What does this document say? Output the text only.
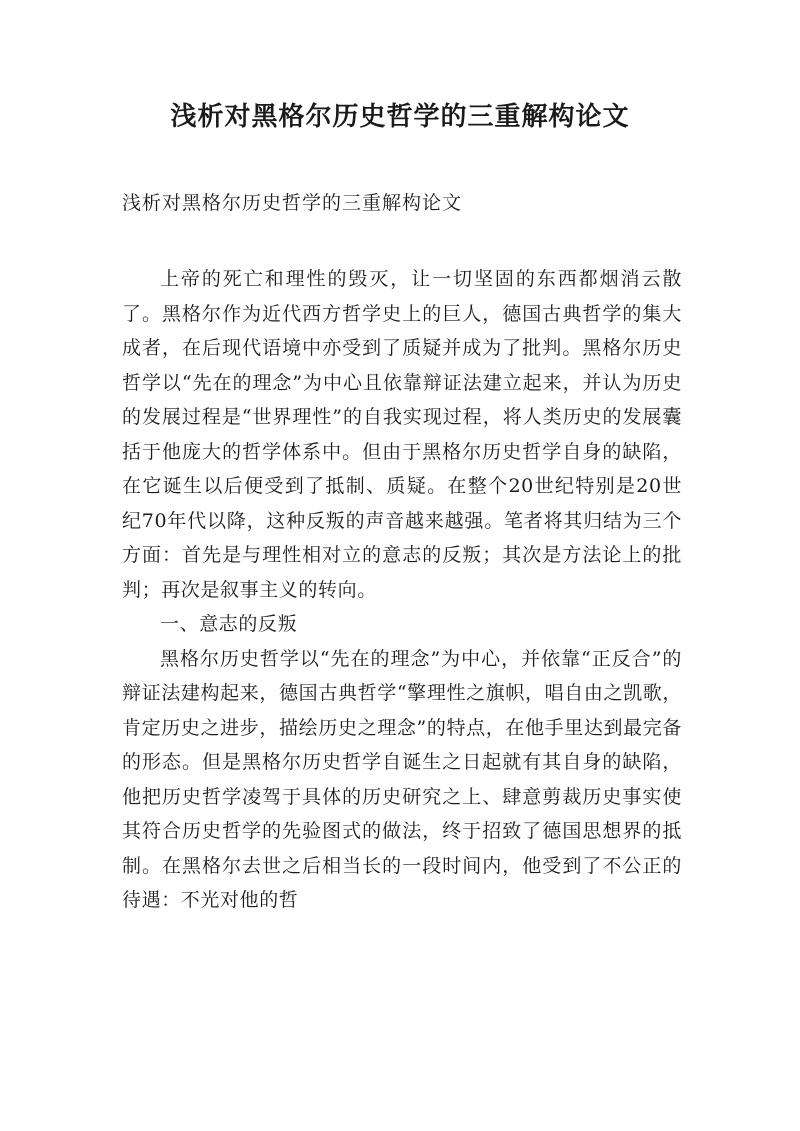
浅析对黑格尔历史哲学的三重解构论文
浅析对黑格尔历史哲学的三重解构论文

上帝的死亡和理性的毁灭，让一切坚固的东西都烟消云散了。黑格尔作为近代西方哲学史上的巨人，德国古典哲学的集大成者，在后现代语境中亦受到了质疑并成为了批判。黑格尔历史哲学以“先在的理念”为中心且依靠辩证法建立起来，并认为历史的发展过程是“世界理性”的自我实现过程，将人类历史的发展囊括于他庞大的哲学体系中。但由于黑格尔历史哲学自身的缺陷，在它诞生以后便受到了抵制、质疑。在整个20世纪特别是20世纪70年代以降，这种反叛的声音越来越强。笔者将其归结为三个方面：首先是与理性相对立的意志的反叛；其次是方法论上的批判；再次是叙事主义的转向。

一、意志的反叛

黑格尔历史哲学以“先在的理念”为中心，并依靠“正反合”的辩证法建构起来，德国古典哲学“擎理性之旗帜，唱自由之凯歌，肯定历史之进步，描绘历史之理念”的特点，在他手里达到最完备的形态。但是黑格尔历史哲学自诞生之日起就有其自身的缺陷，他把历史哲学凌驾于具体的历史研究之上、肆意剪裁历史事实使其符合历史哲学的先验图式的做法，终于招致了德国思想界的抵制。在黑格尔去世之后相当长的一段时间内，他受到了不公正的待遇：不光对他的哲
